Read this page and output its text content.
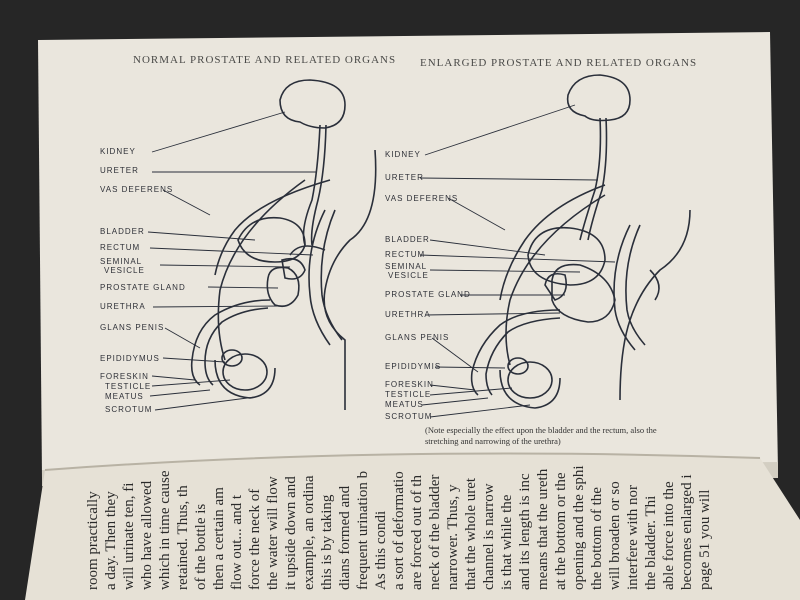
NORMAL PROSTATE AND RELATED ORGANS ENLARGED PROSTATE AND RELATED ORGANS
KIDNEY
URETER
VAS DEFERENS
BLADDER
RECTUM
SEMINAL
VESICLE
PROSTATE GLAND
URETHRA
GLANS PENIS
EPIDIDYMUS
FORESKIN
TESTICLE
MEATUS
SCROTUM
KIDNEY
URETER
VAS DEFERENS
BLADDER
RECTUM
SEMINAL
VESICLE
PROSTATE GLAND
URETHRA
GLANS PENIS
EPIDIDYMIS
FORESKIN
TESTICLE
MEATUS
SCROTUM
(Note especially the effect upon the bladder and the rectum, also the stretching and narrowing of the urethra)
page 51 you will
becomes enlarged i
able force into the
the bladder. Thi
interfere with nor
will broaden or so
the bottom of the
opening and the sphi
at the bottom or the
means that the ureth
and its length is inc
is that while the
channel is narrow
that the whole uret
narrower. Thus, y
neck of the bladder
are forced out of th
a sort of deformatio
As this condi
frequent urination b
dians formed and
this is by taking
example, an ordina
it upside down and
the water will flow
force the neck of
flow out... and t
then a certain am
of the bottle is
retained. Thus, th
which in time cause
who have allowed
will urinate ten, fi
a day. Then they
room practically
